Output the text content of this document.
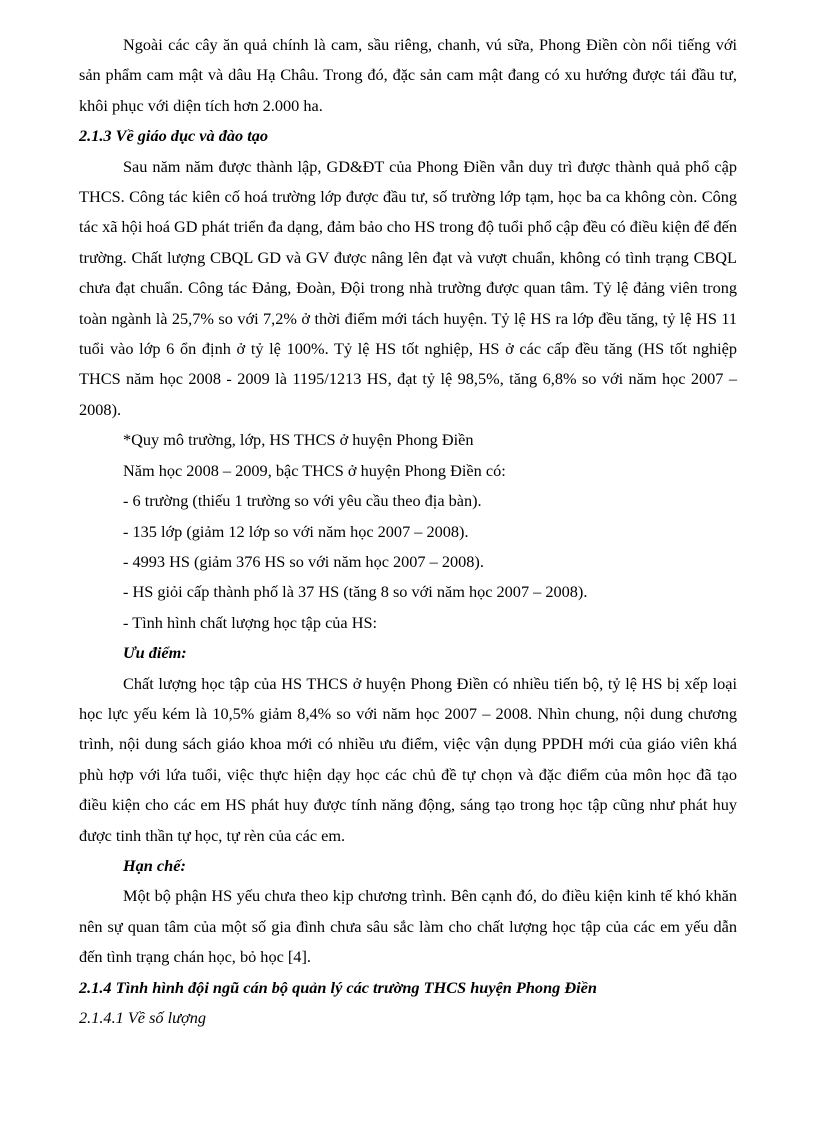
Ngoài các cây ăn quả chính là cam, sầu riêng, chanh, vú sữa, Phong Điền còn nổi tiếng với sản phẩm cam mật và dâu Hạ Châu. Trong đó, đặc sản cam mật đang có xu hướng được tái đầu tư, khôi phục với diện tích hơn 2.000 ha.

2.1.3 Về giáo dục và đào tạo

Sau năm năm được thành lập, GD&ĐT của Phong Điền vẫn duy trì được thành quả phổ cập THCS. Công tác kiên cố hoá trường lớp được đầu tư, số trường lớp tạm, học ba ca không còn. Công tác xã hội hoá GD phát triển đa dạng, đảm bảo cho HS trong độ tuổi phổ cập đều có điều kiện để đến trường. Chất lượng CBQL GD và GV được nâng lên đạt và vượt chuẩn, không có tình trạng CBQL chưa đạt chuẩn. Công tác Đảng, Đoàn, Đội trong nhà trường được quan tâm. Tỷ lệ đảng viên trong toàn ngành là 25,7% so với 7,2% ở thời điểm mới tách huyện. Tỷ lệ HS ra lớp đều tăng, tỷ lệ HS 11 tuổi vào lớp 6 ổn định ở tỷ lệ 100%. Tỷ lệ HS tốt nghiệp, HS ở các cấp đều tăng (HS tốt nghiệp THCS năm học 2008 - 2009 là 1195/1213 HS, đạt tỷ lệ 98,5%, tăng 6,8% so với năm học 2007 – 2008).

*Quy mô trường, lớp, HS THCS ở huyện Phong Điền

Năm học 2008 – 2009, bậc THCS ở huyện Phong Điền có:

- 6 trường (thiếu 1 trường so với yêu cầu theo địa bàn).

- 135 lớp (giảm 12 lớp so với năm học 2007 – 2008).

- 4993 HS (giảm 376 HS so với năm học 2007 – 2008).

- HS giỏi cấp thành phố là 37 HS (tăng 8 so với năm học 2007 – 2008).

- Tình hình chất lượng học tập của HS:

Ưu điểm:

Chất lượng học tập của HS THCS ở huyện Phong Điền có nhiều tiến bộ, tỷ lệ HS bị xếp loại học lực yếu kém là 10,5% giảm 8,4% so với năm học 2007 – 2008. Nhìn chung, nội dung chương trình, nội dung sách giáo khoa mới có nhiều ưu điểm, việc vận dụng PPDH mới của giáo viên khá phù hợp với lứa tuổi, việc thực hiện dạy học các chủ đề tự chọn và đặc điểm của môn học đã tạo điều kiện cho các em HS phát huy được tính năng động, sáng tạo trong học tập cũng như phát huy được tinh thần tự học, tự rèn của các em.

Hạn chế:

Một bộ phận HS yếu chưa theo kịp chương trình. Bên cạnh đó, do điều kiện kinh tế khó khăn nên sự quan tâm của một số gia đình chưa sâu sắc làm cho chất lượng học tập của các em yếu dẫn đến tình trạng chán học, bỏ học [4].

2.1.4 Tình hình đội ngũ cán bộ quản lý các trường THCS huyện Phong Điền

2.1.4.1 Về số lượng
